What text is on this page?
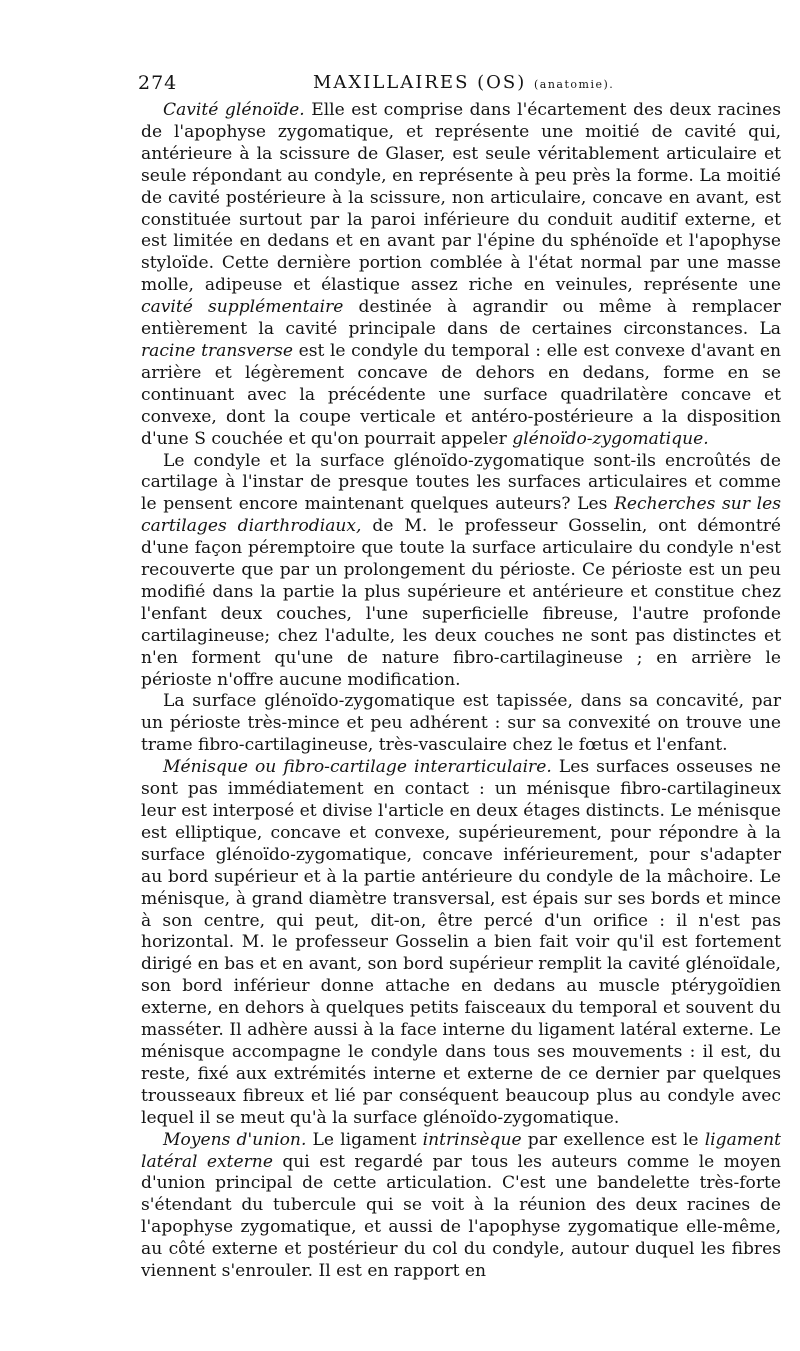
274	MAXILLAIRES (OS) (anatomie).

Cavité glénoïde. Elle est comprise dans l'écartement des deux racines de l'apophyse zygomatique, et représente une moitié de cavité qui, antérieure à la scissure de Glaser, est seule véritablement articulaire et seule répondant au condyle, en représente à peu près la forme. La moitié de cavité postérieure à la scissure, non articulaire, concave en avant, est constituée surtout par la paroi inférieure du conduit auditif externe, et est limitée en dedans et en avant par l'épine du sphénoïde et l'apophyse styloïde. Cette dernière portion comblée à l'état normal par une masse molle, adipeuse et élastique assez riche en veinules, représente une cavité supplémentaire destinée à agrandir ou même à remplacer entièrement la cavité principale dans de certaines circonstances. La racine transverse est le condyle du temporal : elle est convexe d'avant en arrière et légèrement concave de dehors en dedans, forme en se continuant avec la précédente une surface quadrilatère concave et convexe, dont la coupe verticale et antéro-postérieure a la disposition d'une S couchée et qu'on pourrait appeler glénoïdo-zygomatique.

Le condyle et la surface glénoïdo-zygomatique sont-ils encroûtés de cartilage à l'instar de presque toutes les surfaces articulaires et comme le pensent encore maintenant quelques auteurs? Les Recherches sur les cartilages diarthrodiaux, de M. le professeur Gosselin, ont démontré d'une façon péremptoire que toute la surface articulaire du condyle n'est recouverte que par un prolongement du périoste. Ce périoste est un peu modifié dans la partie la plus supérieure et antérieure et constitue chez l'enfant deux couches, l'une superficielle fibreuse, l'autre profonde cartilagineuse; chez l'adulte, les deux couches ne sont pas distinctes et n'en forment qu'une de nature fibro-cartilagineuse ; en arrière le périoste n'offre aucune modification.

La surface glénoïdo-zygomatique est tapissée, dans sa concavité, par un périoste très-mince et peu adhérent : sur sa convexité on trouve une trame fibro-cartilagineuse, très-vasculaire chez le fœtus et l'enfant.

Ménisque ou fibro-cartilage interarticulaire. Les surfaces osseuses ne sont pas immédiatement en contact : un ménisque fibro-cartilagineux leur est interposé et divise l'article en deux étages distincts. Le ménisque est elliptique, concave et convexe, supérieurement, pour répondre à la surface glénoïdo-zygomatique, concave inférieurement, pour s'adapter au bord supérieur et à la partie antérieure du condyle de la mâchoire. Le ménisque, à grand diamètre transversal, est épais sur ses bords et mince à son centre, qui peut, dit-on, être percé d'un orifice : il n'est pas horizontal. M. le professeur Gosselin a bien fait voir qu'il est fortement dirigé en bas et en avant, son bord supérieur remplit la cavité glénoïdale, son bord inférieur donne attache en dedans au muscle ptérygoïdien externe, en dehors à quelques petits faisceaux du temporal et souvent du masséter. Il adhère aussi à la face interne du ligament latéral externe. Le ménisque accompagne le condyle dans tous ses mouvements : il est, du reste, fixé aux extrémités interne et externe de ce dernier par quelques trousseaux fibreux et lié par conséquent beaucoup plus au condyle avec lequel il se meut qu'à la surface glénoïdo-zygomatique.

Moyens d'union. Le ligament intrinsèque par exellence est le ligament latéral externe qui est regardé par tous les auteurs comme le moyen d'union principal de cette articulation. C'est une bandelette très-forte s'étendant du tubercule qui se voit à la réunion des deux racines de l'apophyse zygomatique, et aussi de l'apophyse zygomatique elle-même, au côté externe et postérieur du col du condyle, autour duquel les fibres viennent s'enrouler. Il est en rapport en
